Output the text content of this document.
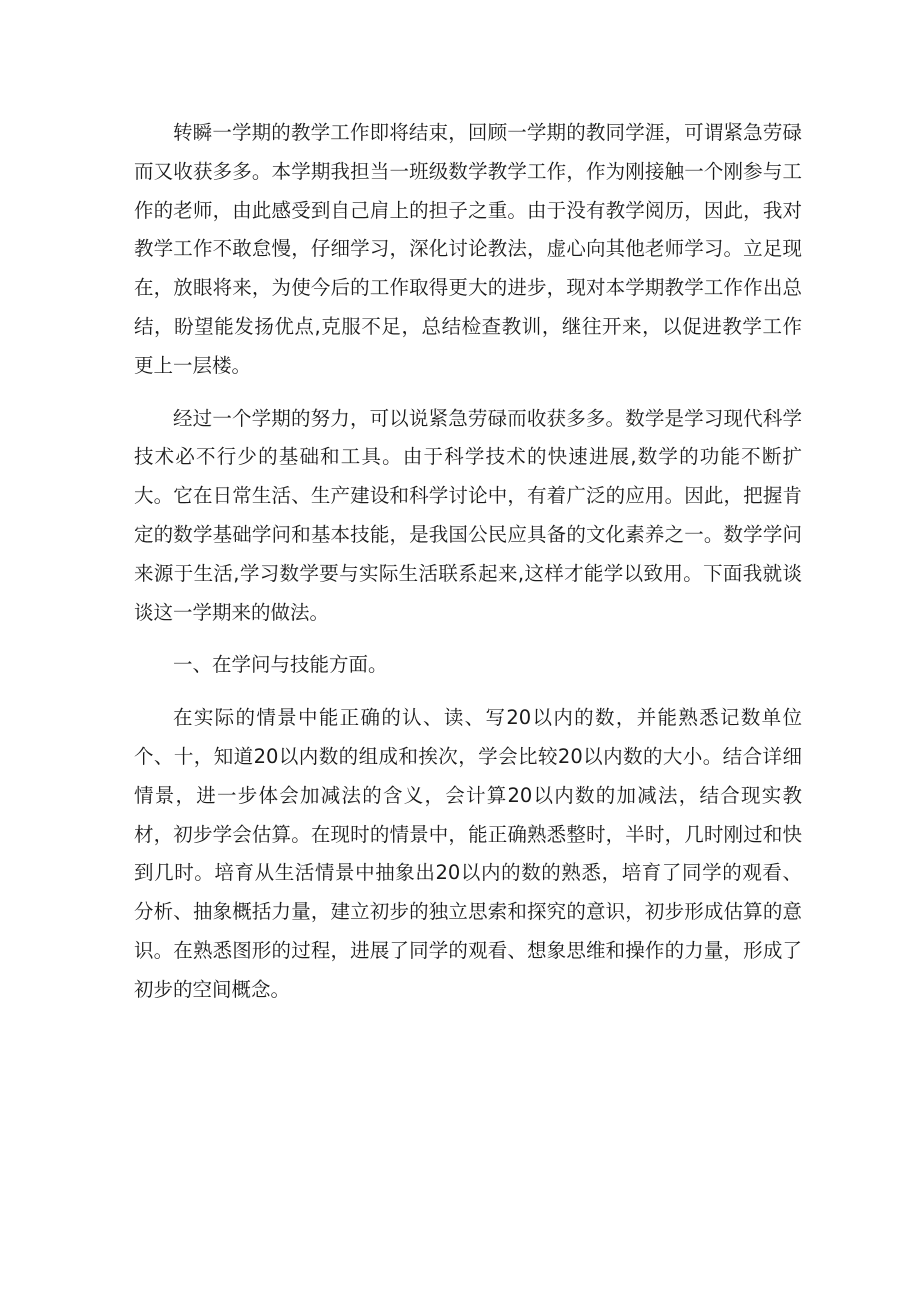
转瞬一学期的教学工作即将结束，回顾一学期的教同学涯，可谓紧急劳碌而又收获多多。本学期我担当一班级数学教学工作，作为刚接触一个刚参与工作的老师，由此感受到自己肩上的担子之重。由于没有教学阅历，因此，我对教学工作不敢怠慢，仔细学习，深化讨论教法，虚心向其他老师学习。立足现在，放眼将来，为使今后的工作取得更大的进步，现对本学期教学工作作出总结，盼望能发扬优点,克服不足，总结检查教训，继往开来，以促进教学工作更上一层楼。

经过一个学期的努力，可以说紧急劳碌而收获多多。数学是学习现代科学技术必不行少的基础和工具。由于科学技术的快速进展,数学的功能不断扩大。它在日常生活、生产建设和科学讨论中，有着广泛的应用。因此，把握肯定的数学基础学问和基本技能，是我国公民应具备的文化素养之一。数学学问来源于生活,学习数学要与实际生活联系起来,这样才能学以致用。下面我就谈谈这一学期来的做法。

一、在学问与技能方面。

在实际的情景中能正确的认、读、写20以内的数，并能熟悉记数单位个、十，知道20以内数的组成和挨次，学会比较20以内数的大小。结合详细情景，进一步体会加减法的含义，会计算20以内数的加减法，结合现实教材，初步学会估算。在现时的情景中，能正确熟悉整时，半时，几时刚过和快到几时。培育从生活情景中抽象出20以内的数的熟悉，培育了同学的观看、分析、抽象概括力量，建立初步的独立思索和探究的意识，初步形成估算的意识。在熟悉图形的过程，进展了同学的观看、想象思维和操作的力量，形成了初步的空间概念。
